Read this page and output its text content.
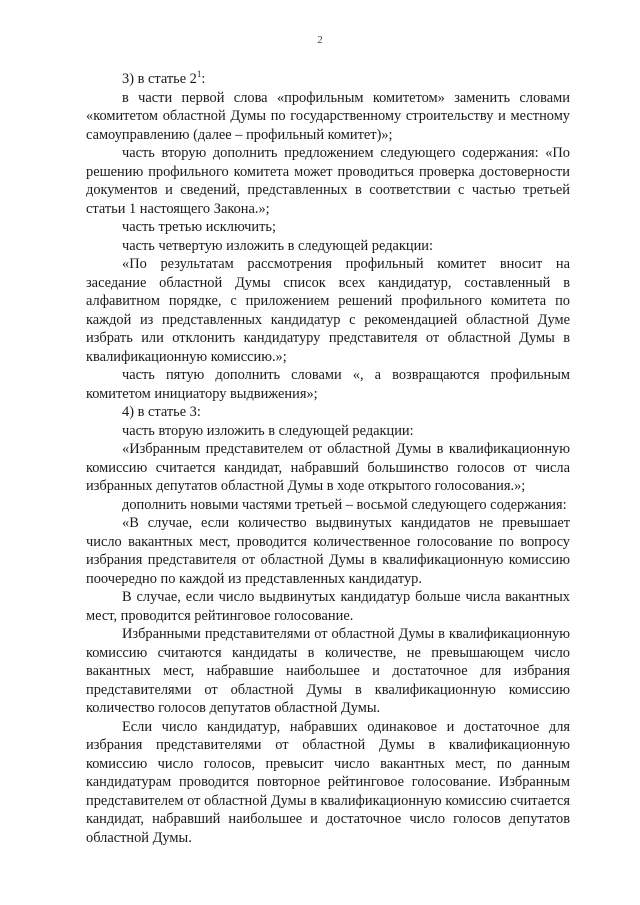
2

3) в статье $2^1$:

в части первой слова «профильным комитетом» заменить словами «комитетом областной Думы по государственному строительству и местному самоуправлению (далее – профильный комитет)»;

часть вторую дополнить предложением следующего содержания: «По решению профильного комитета может проводиться проверка достоверности документов и сведений, представленных в соответствии с частью третьей статьи 1 настоящего Закона.»;

часть третью исключить;

часть четвертую изложить в следующей редакции:

«По результатам рассмотрения профильный комитет вносит на заседание областной Думы список всех кандидатур, составленный в алфавитном порядке, с приложением решений профильного комитета по каждой из представленных кандидатур с рекомендацией областной Думе избрать или отклонить кандидатуру представителя от областной Думы в квалификационную комиссию.»;

часть пятую дополнить словами «, а возвращаются профильным комитетом инициатору выдвижения»;

4) в статье 3:

часть вторую изложить в следующей редакции:

«Избранным представителем от областной Думы в квалификационную комиссию считается кандидат, набравший большинство голосов от числа избранных депутатов областной Думы в ходе открытого голосования.»;

дополнить новыми частями третьей – восьмой следующего содержания:

«В случае, если количество выдвинутых кандидатов не превышает число вакантных мест, проводится количественное голосование по вопросу избрания представителя от областной Думы в квалификационную комиссию поочередно по каждой из представленных кандидатур.

В случае, если число выдвинутых кандидатур больше числа вакантных мест, проводится рейтинговое голосование.

Избранными представителями от областной Думы в квалификационную комиссию считаются кандидаты в количестве, не превышающем число вакантных мест, набравшие наибольшее и достаточное для избрания представителями от областной Думы в квалификационную комиссию количество голосов депутатов областной Думы.

Если число кандидатур, набравших одинаковое и достаточное для избрания представителями от областной Думы в квалификационную комиссию число голосов, превысит число вакантных мест, по данным кандидатурам проводится повторное рейтинговое голосование. Избранным представителем от областной Думы в квалификационную комиссию считается кандидат, набравший наибольшее и достаточное число голосов депутатов областной Думы.
